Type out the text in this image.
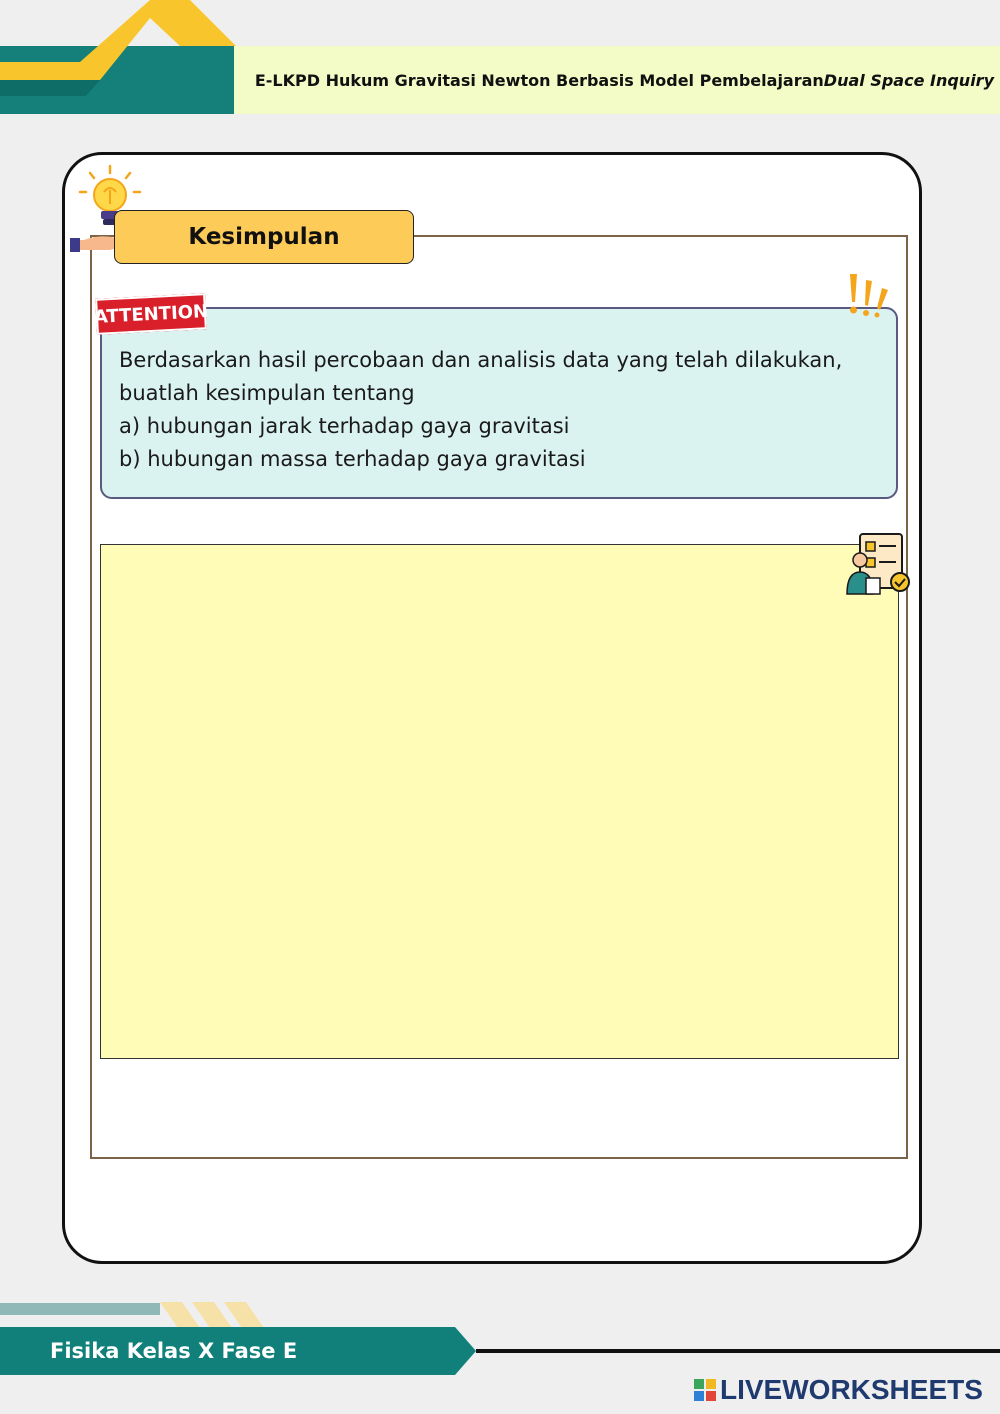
E-LKPD Hukum Gravitasi Newton Berbasis Model Pembelajaran Dual Space Inquiry
Kesimpulan
ATTENTION
Berdasarkan hasil percobaan dan analisis data yang telah dilakukan,
buatlah kesimpulan tentang
a) hubungan jarak terhadap gaya gravitasi
b) hubungan massa terhadap gaya gravitasi
Fisika Kelas X Fase E
LIVEWORKSHEETS
